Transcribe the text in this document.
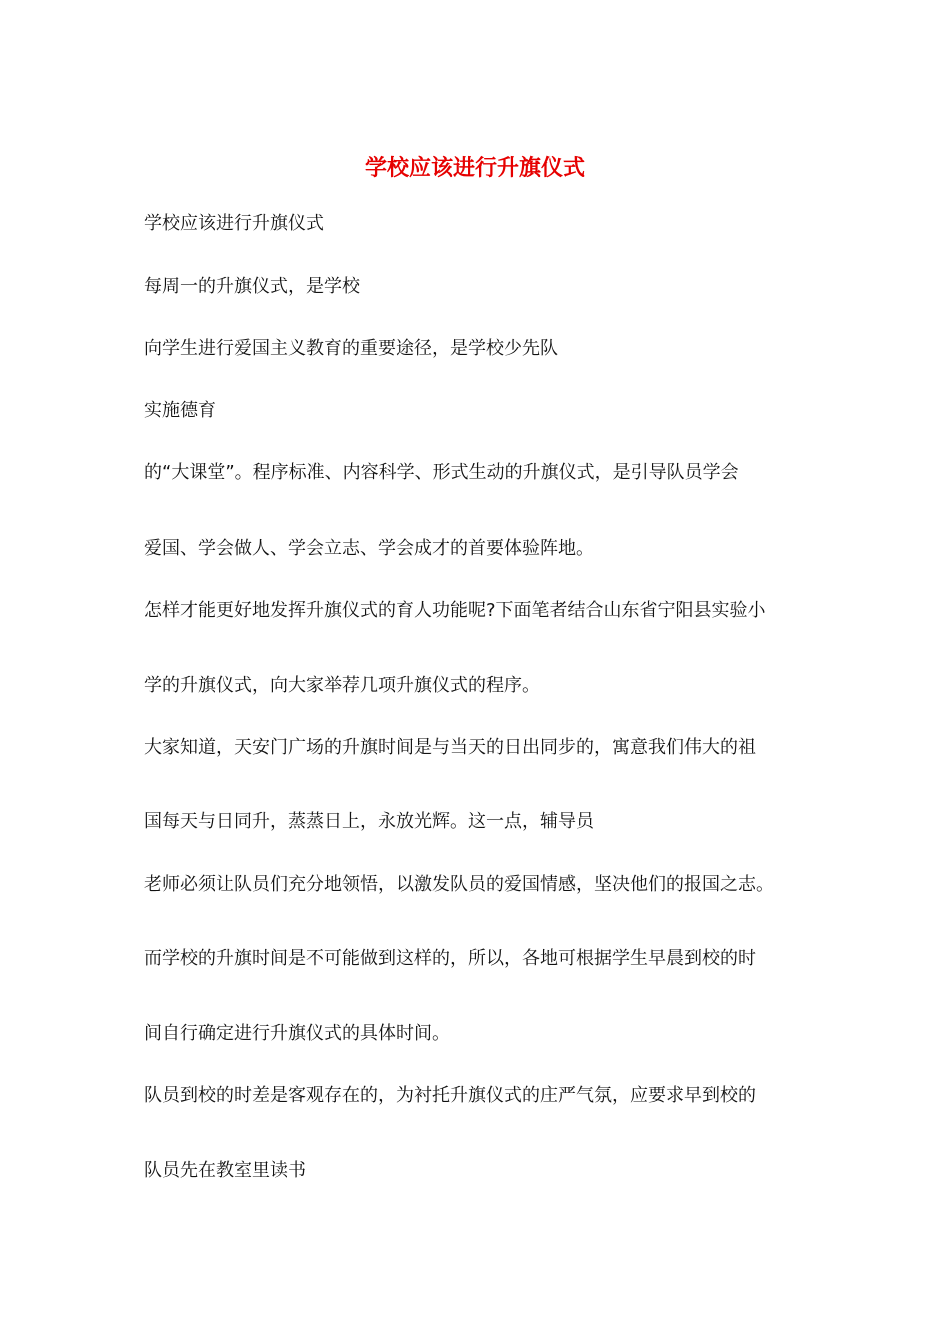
学校应该进行升旗仪式

学校应该进行升旗仪式

每周一的升旗仪式，是学校

向学生进行爱国主义教育的重要途径，是学校少先队

实施德育

的“大课堂”。程序标准、内容科学、形式生动的升旗仪式，是引导队员学会

爱国、学会做人、学会立志、学会成才的首要体验阵地。

怎样才能更好地发挥升旗仪式的育人功能呢?下面笔者结合山东省宁阳县实验小

学的升旗仪式，向大家举荐几项升旗仪式的程序。

大家知道，天安门广场的升旗时间是与当天的日出同步的，寓意我们伟大的祖

国每天与日同升，蒸蒸日上，永放光辉。这一点，辅导员

老师必须让队员们充分地领悟，以激发队员的爱国情感，坚决他们的报国之志。

而学校的升旗时间是不可能做到这样的，所以，各地可根据学生早晨到校的时

间自行确定进行升旗仪式的具体时间。

队员到校的时差是客观存在的，为衬托升旗仪式的庄严气氛，应要求早到校的

队员先在教室里读书
